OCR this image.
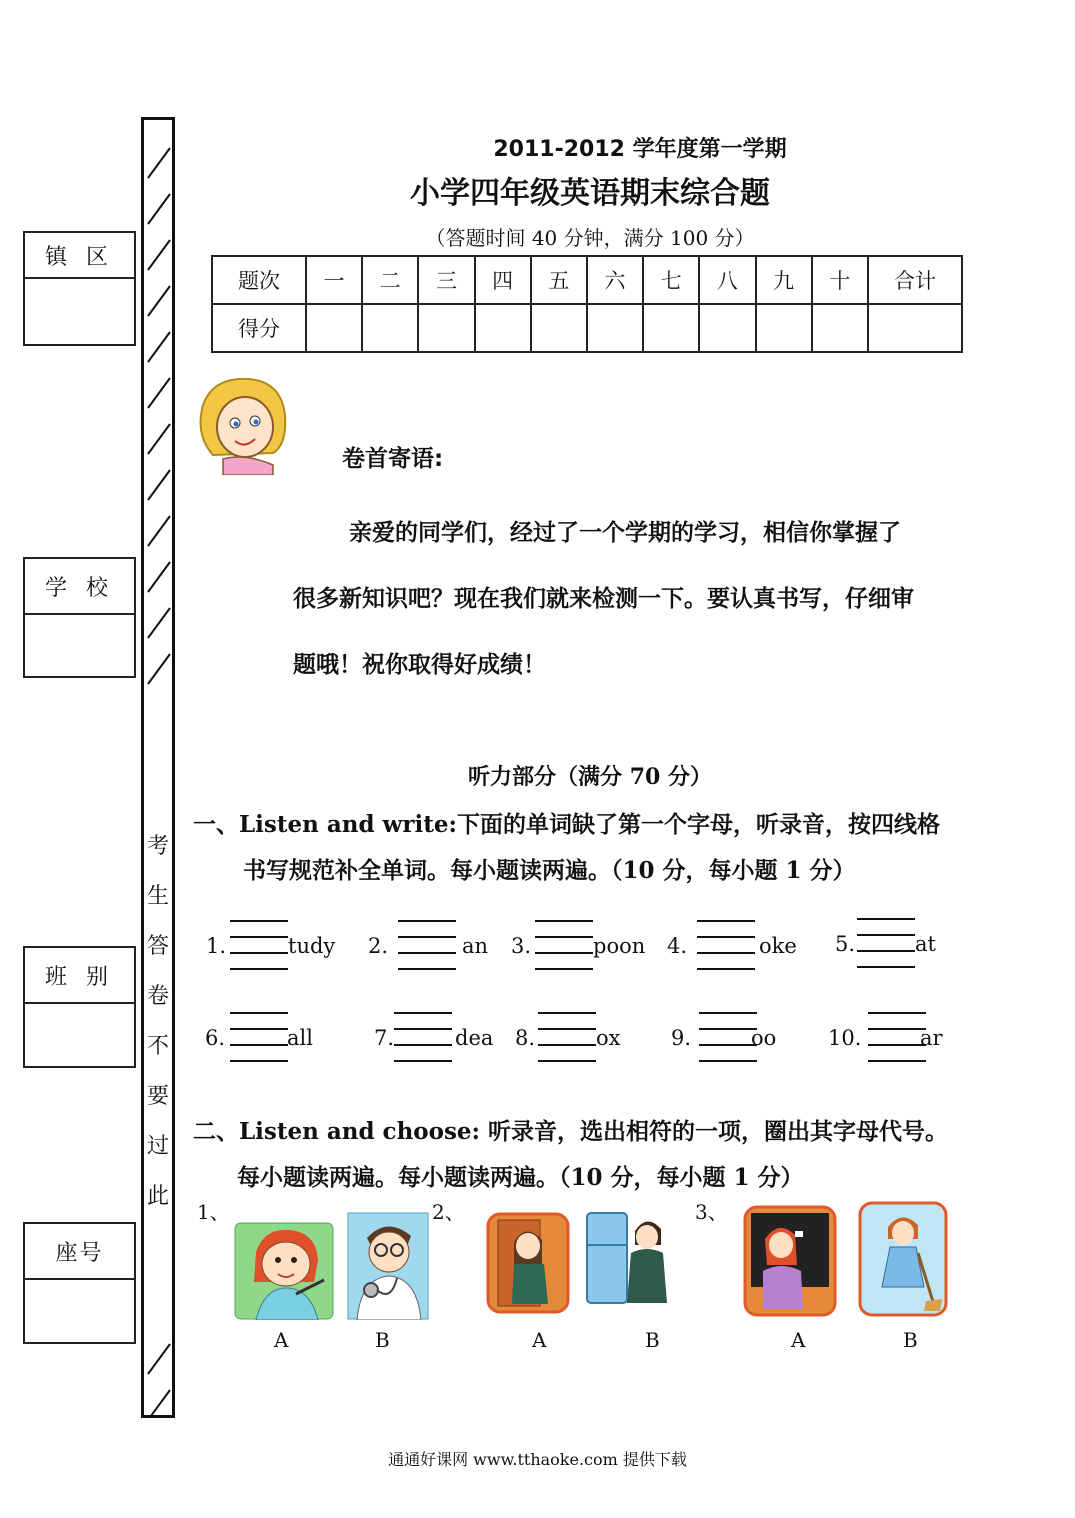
镇 区
学 校
班 别
座号
考
生
答
卷
不
要
过
此
2011-2012 学年度第一学期
小学四年级英语期末综合题
（答题时间 40 分钟，满分 100 分）
题次	一	二	三	四	五	六	七	八	九	十	合计
得分											
卷首寄语:
亲爱的同学们，经过了一个学期的学习，相信你掌握了
很多新知识吧？现在我们就来检测一下。要认真书写，仔细审
题哦！祝你取得好成绩！
听力部分（满分 70 分）
一、Listen and write:下面的单词缺了第一个字母，听录音，按四线格
书写规范补全单词。每小题读两遍。（10 分，每小题 1 分）
1.	tudy 2.	an 3.	poon 4.	oke 5.	at
6.	all	7.	dea 8.	ox 9.	oo 10.	ar
二、Listen and choose: 听录音，选出相符的一项，圈出其字母代号。
每小题读两遍。每小题读两遍。（10 分，每小题 1 分）
1、	2、	3、
A	B	A	B	A	B
通通好课网 www.tthaoke.com 提供下载
